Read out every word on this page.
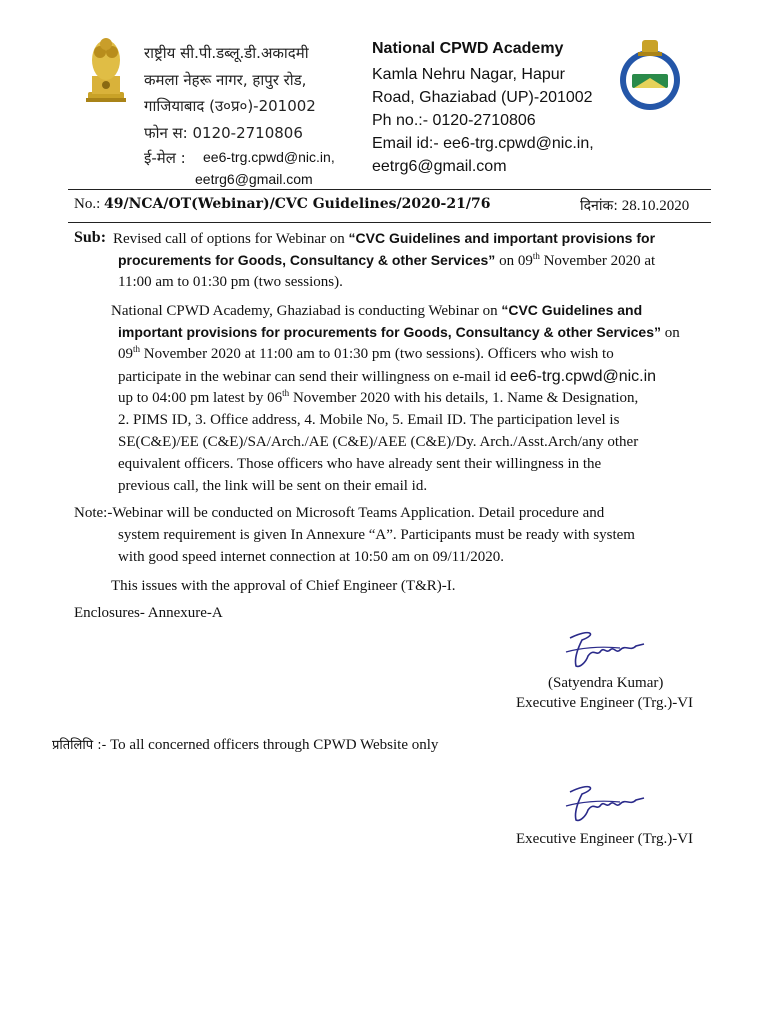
राष्ट्रीय सी.पी.डब्लू.डी.अकादमी
कमला नेहरू नागर, हापुर रोड,
गाजियाबाद (उ०प्र०)-201002
फोन स: 0120-2710806
ई-मेल : ee6-trg.cpwd@nic.in,
eetrg6@gmail.com
National CPWD Academy
Kamla Nehru Nagar, Hapur
Road, Ghaziabad (UP)-201002
Ph no.:- 0120-2710806
Email id:- ee6-trg.cpwd@nic.in,
eetrg6@gmail.com
No.: 49/NCA/OT(Webinar)/CVC Guidelines/2020-21/76	दिनांक: 28.10.2020
Sub: Revised call of options for Webinar on “CVC Guidelines and important provisions for
procurements for Goods, Consultancy & other Services” on 09th November 2020 at
11:00 am to 01:30 pm (two sessions).
National CPWD Academy, Ghaziabad is conducting Webinar on “CVC Guidelines and
important provisions for procurements for Goods, Consultancy & other Services” on
09th November 2020 at 11:00 am to 01:30 pm (two sessions). Officers who wish to
participate in the webinar can send their willingness on e-mail id ee6-trg.cpwd@nic.in
up to 04:00 pm latest by 06th November 2020 with his details, 1. Name & Designation,
2. PIMS ID, 3. Office address, 4. Mobile No, 5. Email ID. The participation level is
SE(C&E)/EE (C&E)/SA/Arch./AE (C&E)/AEE (C&E)/Dy. Arch./Asst.Arch/any other
equivalent officers. Those officers who have already sent their willingness in the
previous call, the link will be sent on their email id.
Note:-Webinar will be conducted on Microsoft Teams Application. Detail procedure and
system requirement is given In Annexure “A”. Participants must be ready with system
with good speed internet connection at 10:50 am on 09/11/2020.
This issues with the approval of Chief Engineer (T&R)-I.
Enclosures- Annexure-A
(Satyendra Kumar)
Executive Engineer (Trg.)-VI
प्रतिलिपि :- To all concerned officers through CPWD Website only
Executive Engineer (Trg.)-VI
